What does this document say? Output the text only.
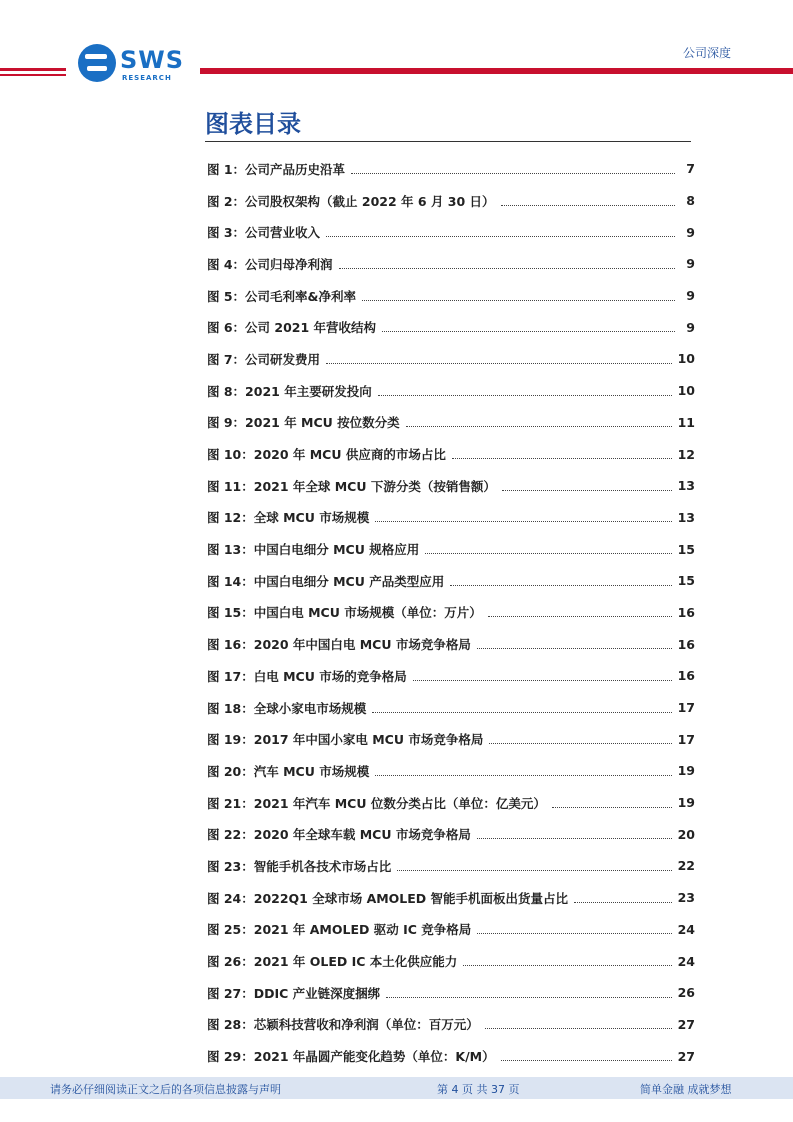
SWS
RESEARCH
公司深度
图表目录
图 1：公司产品历史沿革	7
图 2：公司股权架构（截止 2022 年 6 月 30 日）	8
图 3：公司营业收入	9
图 4：公司归母净利润	9
图 5：公司毛利率&净利率	9
图 6：公司 2021 年营收结构	9
图 7：公司研发费用	10
图 8：2021 年主要研发投向	10
图 9：2021 年 MCU 按位数分类	11
图 10：2020 年 MCU 供应商的市场占比	12
图 11：2021 年全球 MCU 下游分类（按销售额）	13
图 12：全球 MCU 市场规模	13
图 13：中国白电细分 MCU 规格应用	15
图 14：中国白电细分 MCU 产品类型应用	15
图 15：中国白电 MCU 市场规模（单位：万片）	16
图 16：2020 年中国白电 MCU 市场竞争格局	16
图 17：白电 MCU 市场的竞争格局	16
图 18：全球小家电市场规模	17
图 19：2017 年中国小家电 MCU 市场竞争格局	17
图 20：汽车 MCU 市场规模	19
图 21：2021 年汽车 MCU 位数分类占比（单位：亿美元）	19
图 22：2020 年全球车载 MCU 市场竞争格局	20
图 23：智能手机各技术市场占比	22
图 24：2022Q1 全球市场 AMOLED 智能手机面板出货量占比	23
图 25：2021 年 AMOLED 驱动 IC 竞争格局	24
图 26：2021 年 OLED IC 本土化供应能力	24
图 27：DDIC 产业链深度捆绑	26
图 28：芯颖科技营收和净利润（单位：百万元）	27
图 29：2021 年晶圆产能变化趋势（单位：K/M）	27
请务必仔细阅读正文之后的各项信息披露与声明	第 4 页 共 37 页	简单金融 成就梦想
